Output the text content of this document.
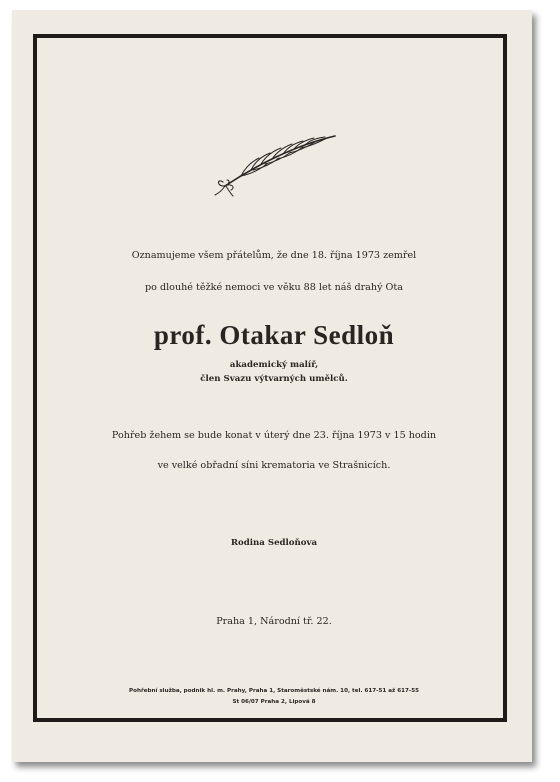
Oznamujeme všem přátelům, že dne 18. října 1973 zemřel
po dlouhé těžké nemoci ve věku 88 let náš drahý Ota
prof. Otakar Sedloň
akademický malíř,
člen Svazu výtvarných umělců.
Pohřeb žehem se bude konat v úterý dne 23. října 1973 v 15 hodin
ve velké obřadní síni krematoria ve Strašnicích.
Rodina Sedloňova
Praha 1, Národní tř. 22.
Pohřební služba, podnik hl. m. Prahy, Praha 1, Staroměstské nám. 10, tel. 617-51 až 617-55
St 06/07 Praha 2, Lipová 8
